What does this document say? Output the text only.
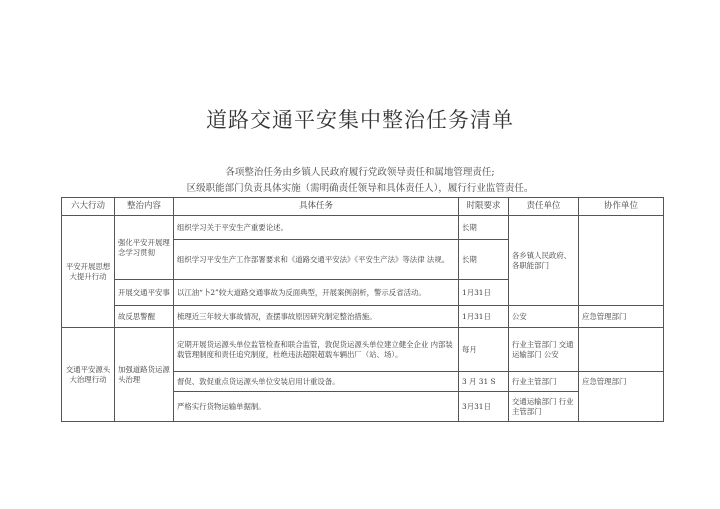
道路交通平安集中整治任务清单
各项整治任务由乡镇人民政府履行党政领导责任和属地管理责任;
区级职能部门负责具体实施（需明确责任领导和具体责任人），履行行业监管责任。
六大行动	整治内容	具体任务	时限要求	责任单位	协作单位
平安开展思想大提升行动	强化平安开展理念学习贯彻	组织学习关于平安生产重要论述。	长期	各乡镇人民政府、各职能部门	
		组织学习平安生产工作部署要求和《道路交通平安法》《平安生产法》等法律 法规。	长期		
	开展交通平安事	以江油“卜2”较大道路交通事故为反面典型，开展案例剖析，警示反省活动。	1月31日		
	故反思警醒	梳理近三年较大事故情况，查摆事故原因研究制定整治措施。	1月31日	公安	应急管理部门
交通平安源头大治理行动	加强道路货运源头治理	定期开展货运源头单位监管检查和联合监管，敦促货运源头单位建立健全企业 内部装载管理制度和责任追究制度，杜绝违法超限超载车辆出厂（站、场）。	每月	行业主管部门 交通运输部门 公安	
		督促、敦促重点货运源头单位安装启用计重设备。	3 月 31 S	行业主管部门	应急管理部门
		严格实行货物运输单据制。	3月31日	交通运输部门 行业主管部门	
